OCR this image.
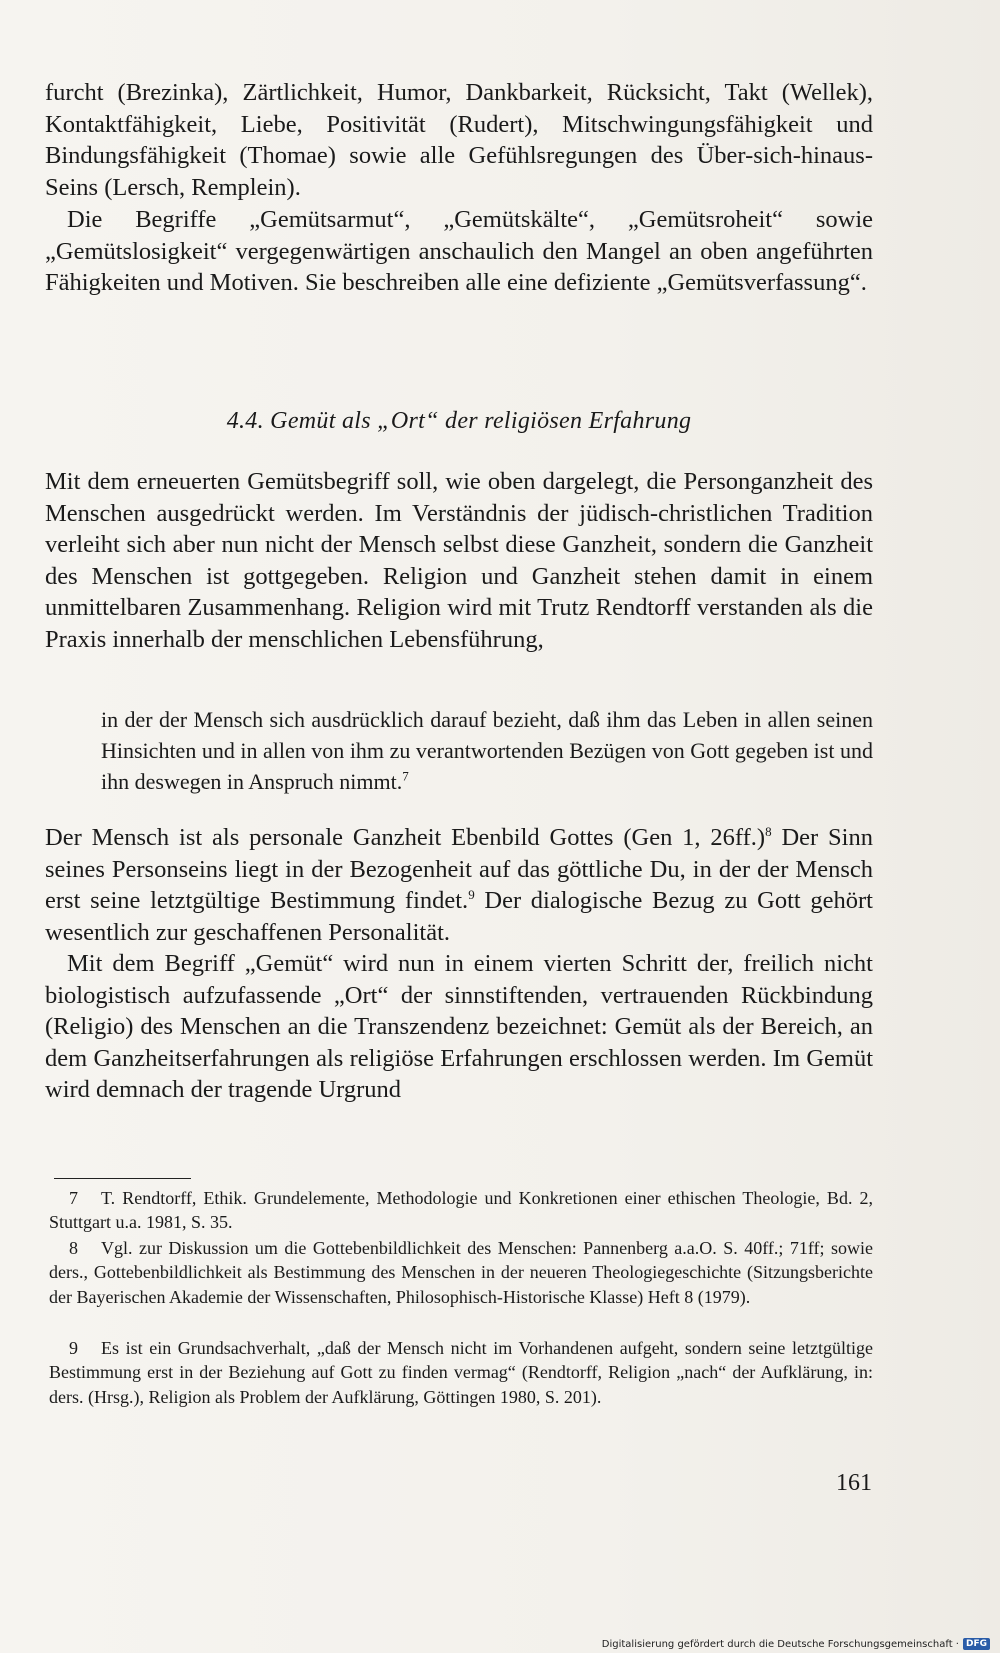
furcht (Brezinka), Zärtlichkeit, Humor, Dankbarkeit, Rücksicht, Takt (Wellek), Kontaktfähigkeit, Liebe, Positivität (Rudert), Mitschwingungsfähigkeit und Bindungsfähigkeit (Thomae) sowie alle Gefühlsregungen des Über-sich-hinaus- Seins (Lersch, Remplein).

Die Begriffe „Gemütsarmut“, „Gemütskälte“, „Gemütsroheit“ sowie „Gemütslosigkeit“ vergegenwärtigen anschaulich den Mangel an oben angeführten Fähigkeiten und Motiven. Sie beschreiben alle eine defiziente „Gemütsverfassung“.

4.4. Gemüt als „Ort“ der religiösen Erfahrung

Mit dem erneuerten Gemütsbegriff soll, wie oben dargelegt, die Personganzheit des Menschen ausgedrückt werden. Im Verständnis der jüdisch-christlichen Tradition verleiht sich aber nun nicht der Mensch selbst diese Ganzheit, sondern die Ganzheit des Menschen ist gottgegeben. Religion und Ganzheit stehen damit in einem unmittelbaren Zusammenhang. Religion wird mit Trutz Rendtorff verstanden als die Praxis innerhalb der menschlichen Lebensführung,

in der der Mensch sich ausdrücklich darauf bezieht, daß ihm das Leben in allen seinen Hinsichten und in allen von ihm zu verantwortenden Bezügen von Gott gegeben ist und ihn deswegen in Anspruch nimmt.$^7$

Der Mensch ist als personale Ganzheit Ebenbild Gottes (Gen 1, 26ff.)$^8$ Der Sinn seines Personseins liegt in der Bezogenheit auf das göttliche Du, in der der Mensch erst seine letztgültige Bestimmung findet.$^9$ Der dialogische Bezug zu Gott gehört wesentlich zur geschaffenen Personalität.

Mit dem Begriff „Gemüt“ wird nun in einem vierten Schritt der, freilich nicht biologistisch aufzufassende „Ort“ der sinnstiftenden, vertrauenden Rückbindung (Religio) des Menschen an die Transzendenz bezeichnet: Gemüt als der Bereich, an dem Ganzheitserfahrungen als religiöse Erfahrungen erschlossen werden. Im Gemüt wird demnach der tragende Urgrund

7 T. Rendtorff, Ethik. Grundelemente, Methodologie und Konkretionen einer ethischen Theologie, Bd. 2, Stuttgart u.a. 1981, S. 35.

8 Vgl. zur Diskussion um die Gottebenbildlichkeit des Menschen: Pannenberg a.a.O. S. 40ff.; 71ff; sowie ders., Gottebenbildlichkeit als Bestimmung des Menschen in der neueren Theologiegeschichte (Sitzungsberichte der Bayerischen Akademie der Wissenschaften, Philosophisch-Historische Klasse) Heft 8 (1979).

9 Es ist ein Grundsachverhalt, „daß der Mensch nicht im Vorhandenen aufgeht, sondern seine letztgültige Bestimmung erst in der Beziehung auf Gott zu finden vermag“ (Rendtorff, Religion „nach“ der Aufklärung, in: ders. (Hrsg.), Religion als Problem der Aufklärung, Göttingen 1980, S. 201).

161
Digitalisierung gefördert durch die Deutsche Forschungsgemeinschaft · DFG
